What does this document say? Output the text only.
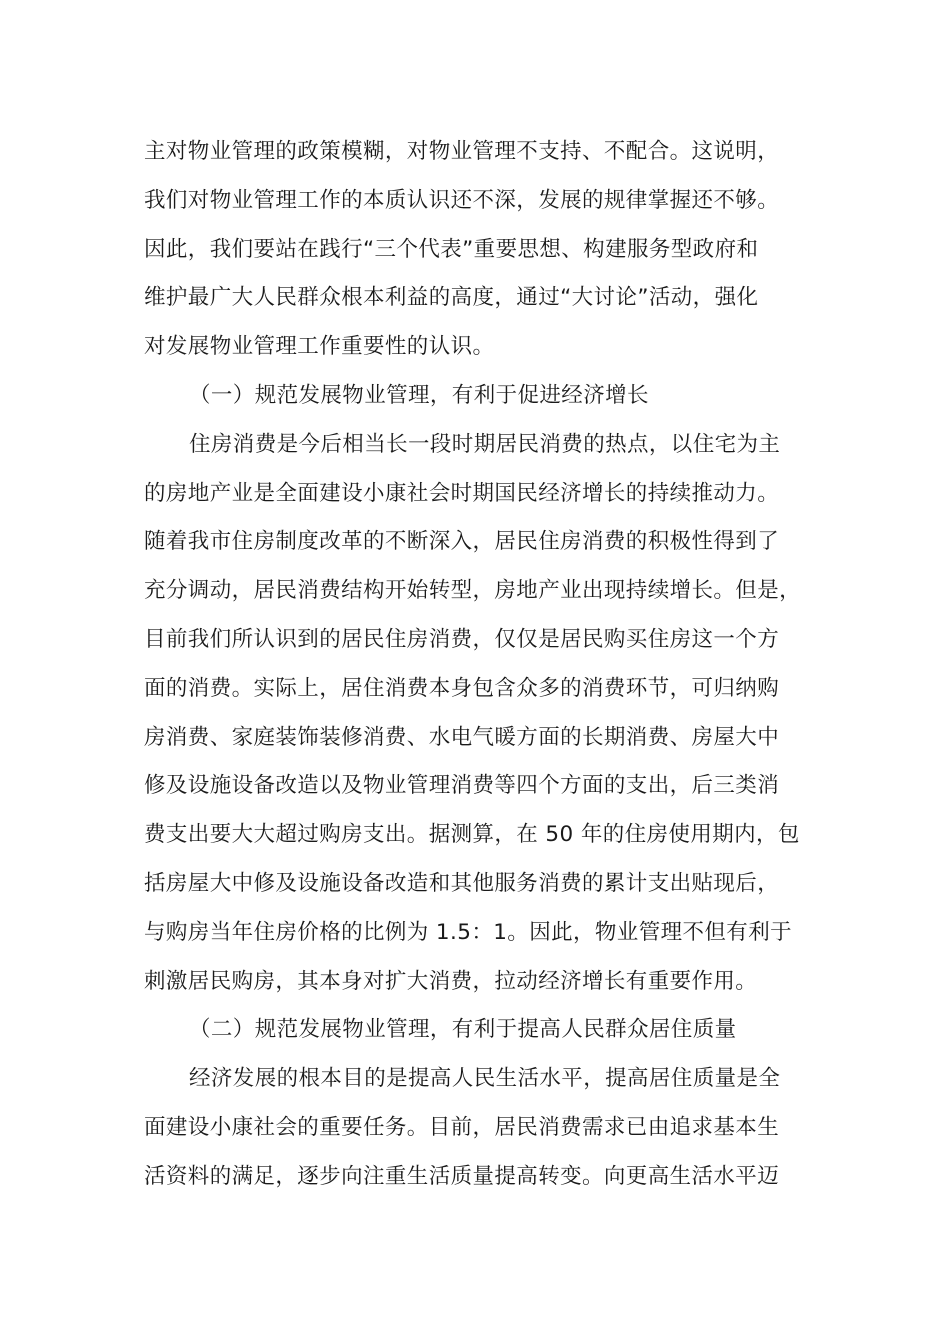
主对物业管理的政策模糊，对物业管理不支持、不配合。这说明，
我们对物业管理工作的本质认识还不深，发展的规律掌握还不够。
因此，我们要站在践行“三个代表”重要思想、构建服务型政府和
维护最广大人民群众根本利益的高度，通过“大讨论”活动，强化
对发展物业管理工作重要性的认识。
（一）规范发展物业管理，有利于促进经济增长
住房消费是今后相当长一段时期居民消费的热点，以住宅为主
的房地产业是全面建设小康社会时期国民经济增长的持续推动力。
随着我市住房制度改革的不断深入，居民住房消费的积极性得到了
充分调动，居民消费结构开始转型，房地产业出现持续增长。但是，
目前我们所认识到的居民住房消费，仅仅是居民购买住房这一个方
面的消费。实际上，居住消费本身包含众多的消费环节，可归纳购
房消费、家庭装饰装修消费、水电气暖方面的长期消费、房屋大中
修及设施设备改造以及物业管理消费等四个方面的支出，后三类消
费支出要大大超过购房支出。据测算，在 50 年的住房使用期内，包
括房屋大中修及设施设备改造和其他服务消费的累计支出贴现后，
与购房当年住房价格的比例为 1.5：1。因此，物业管理不但有利于
刺激居民购房，其本身对扩大消费，拉动经济增长有重要作用。
（二）规范发展物业管理，有利于提高人民群众居住质量
经济发展的根本目的是提高人民生活水平，提高居住质量是全
面建设小康社会的重要任务。目前，居民消费需求已由追求基本生
活资料的满足，逐步向注重生活质量提高转变。向更高生活水平迈
